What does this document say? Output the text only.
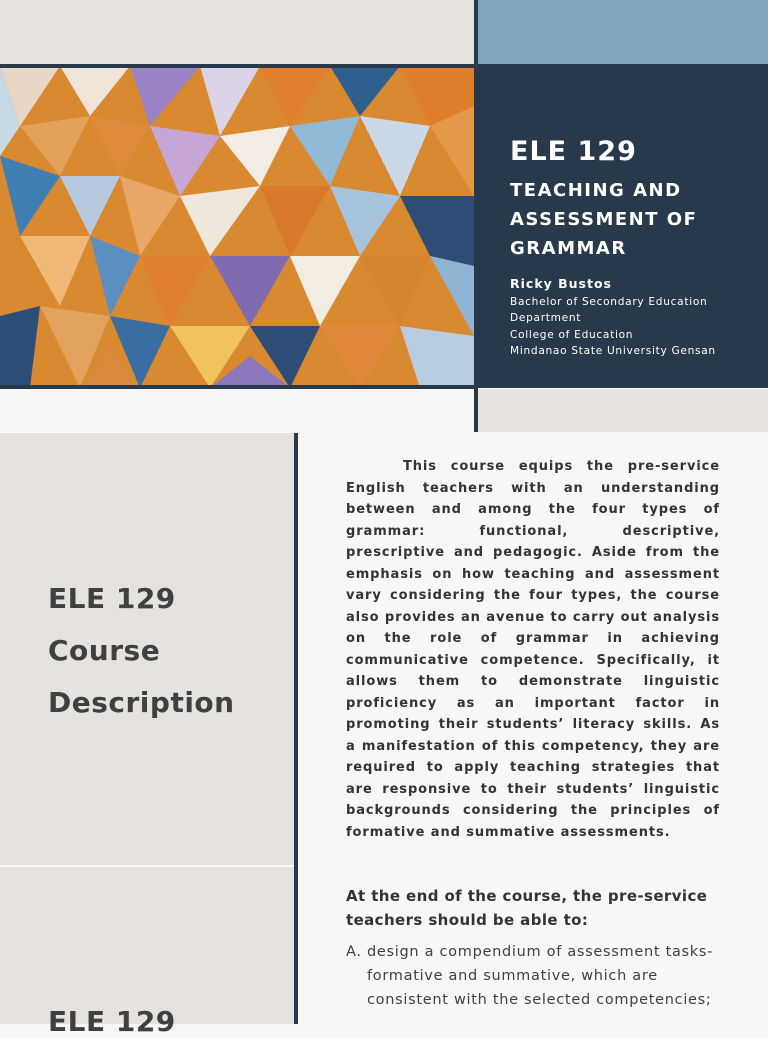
ELE 129
TEACHING AND
ASSESSMENT OF
GRAMMAR
Ricky Bustos
Bachelor of Secondary Education
Department
College of Education
Mindanao State University Gensan
ELE 129
Course
Description
This course equips the pre-service English teachers with an understanding between and among the four types of grammar: functional, descriptive, prescriptive and pedagogic. Aside from the emphasis on how teaching and assessment vary considering the four types, the course also provides an avenue to carry out analysis on the role of grammar in achieving communicative competence. Specifically, it allows them to demonstrate linguistic proficiency as an important factor in promoting their students’ literacy skills. As a manifestation of this competency, they are required to apply teaching strategies that are responsive to their students’ linguistic backgrounds considering the principles of formative and summative assessments.
At the end of the course, the pre-service teachers should be able to:
A. design a compendium of assessment tasks-formative and summative, which are consistent with the selected competencies;
ELE 129
